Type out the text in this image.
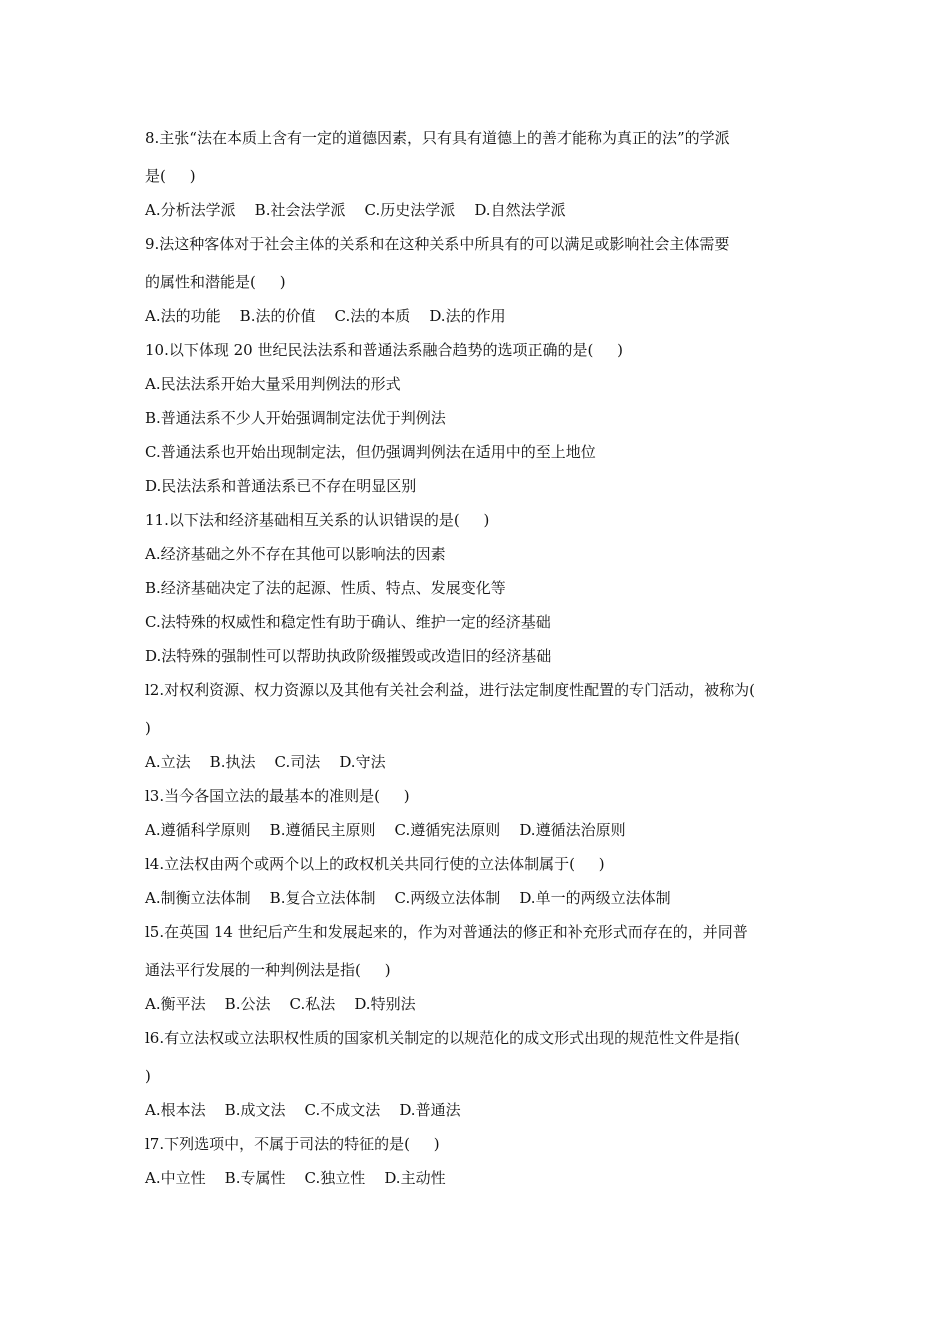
8.主张“法在本质上含有一定的道德因素，只有具有道德上的善才能称为真正的法”的学派
是(     )
A.分析法学派    B.社会法学派    C.历史法学派    D.自然法学派
9.法这种客体对于社会主体的关系和在这种关系中所具有的可以满足或影响社会主体需要
的属性和潜能是(     )
A.法的功能    B.法的价值    C.法的本质    D.法的作用
10.以下体现 20 世纪民法法系和普通法系融合趋势的选项正确的是(     )
A.民法法系开始大量采用判例法的形式
B.普通法系不少人开始强调制定法优于判例法
C.普通法系也开始出现制定法，但仍强调判例法在适用中的至上地位
D.民法法系和普通法系已不存在明显区别
11.以下法和经济基础相互关系的认识错误的是(     )
A.经济基础之外不存在其他可以影响法的因素
B.经济基础决定了法的起源、性质、特点、发展变化等
C.法特殊的权威性和稳定性有助于确认、维护一定的经济基础
D.法特殊的强制性可以帮助执政阶级摧毁或改造旧的经济基础
l2.对权利资源、权力资源以及其他有关社会利益，进行法定制度性配置的专门活动，被称为(
)
A.立法    B.执法    C.司法    D.守法
l3.当今各国立法的最基本的准则是(     )
A.遵循科学原则    B.遵循民主原则    C.遵循宪法原则    D.遵循法治原则
l4.立法权由两个或两个以上的政权机关共同行使的立法体制属于(     )
A.制衡立法体制    B.复合立法体制    C.两级立法体制    D.单一的两级立法体制
l5.在英国 14 世纪后产生和发展起来的，作为对普通法的修正和补充形式而存在的，并同普
通法平行发展的一种判例法是指(     )
A.衡平法    B.公法    C.私法    D.特别法
l6.有立法权或立法职权性质的国家机关制定的以规范化的成文形式出现的规范性文件是指(
)
A.根本法    B.成文法    C.不成文法    D.普通法
l7.下列选项中，不属于司法的特征的是(     )
A.中立性    B.专属性    C.独立性    D.主动性
